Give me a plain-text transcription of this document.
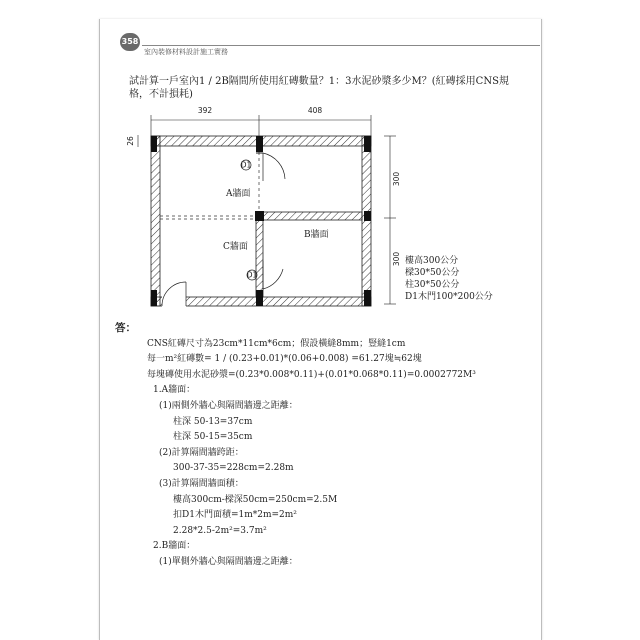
358
室內裝修材料設計施工實務
試計算一戶室內1 / 2B隔間所使用紅磚數量？1：3水泥砂漿多少M？(紅磚採用CNS規格，不計損耗)
392	408
26
300
300
D1
D1
A牆面
B牆面
C牆面
樓高300公分
樑30*50公分
柱30*50公分
D1木門100*200公分
答：
CNS紅磚尺寸為23cm*11cm*6cm；假設橫縫8mm；豎縫1cm
每一m²紅磚數= 1 / (0.23+0.01)*(0.06+0.008) =61.27塊≒62塊
每塊磚使用水泥砂漿=(0.23*0.008*0.11)+(0.01*0.068*0.11)=0.0002772M³
1.A牆面：
(1)兩側外牆心與隔間牆邊之距離：
柱深 50-13=37cm
柱深 50-15=35cm
(2)計算隔間牆跨距：
300-37-35=228cm=2.28m
(3)計算隔間牆面積：
樓高300cm-樑深50cm=250cm=2.5M
扣D1木門面積=1m*2m=2m²
2.28*2.5-2m²=3.7m²
2.B牆面：
(1)單側外牆心與隔間牆邊之距離：
